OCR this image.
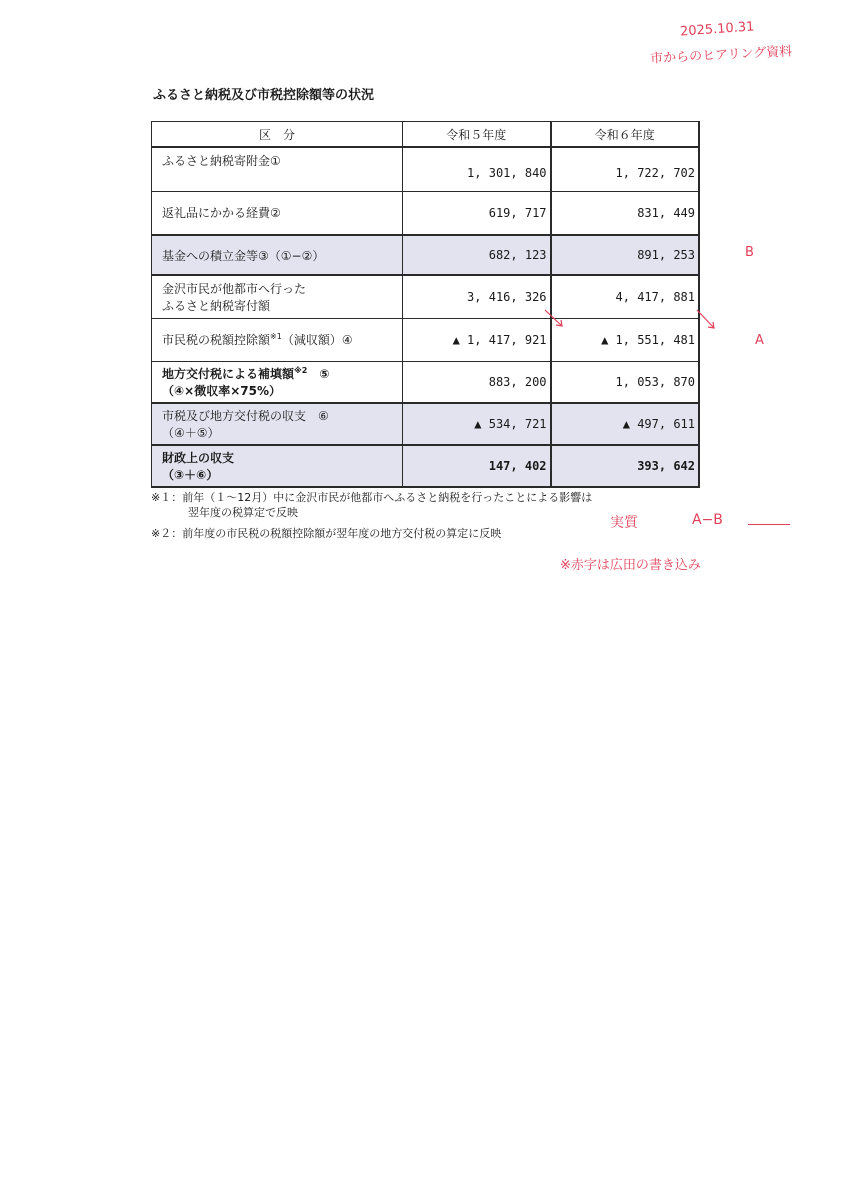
2025.10.31
市からのヒアリング資料
ふるさと納税及び市税控除額等の状況
区　分	令和５年度	令和６年度
ふるさと納税寄附金①	1, 301, 840	1, 722, 702
返礼品にかかる経費②	619, 717	831, 449
基金への積立金等③（①−②）	682, 123	891, 253

金沢市民が他都市へ行った
ふるさと納税寄付額	3, 416, 326	4, 417, 881
市民税の税額控除額$^{※1}$（減収額）④	▲ 1, 417, 921	▲ 1, 551, 481

地方交付税による補填額$^{※2}$　⑤
（④×徴収率×75%）	883, 200	1, 053, 870

市税及び地方交付税の収支　⑥
（④＋⑤）	▲ 534, 721	▲ 497, 611

財政上の収支
（③＋⑥）	147, 402	393, 642
※１：前年（１〜12月）中に金沢市民が他都市へふるさと納税を行ったことによる影響は
翌年度の税算定で反映
※２：前年度の市民税の税額控除額が翌年度の地方交付税の算定に反映
B
A
実質	A−B
※赤字は広田の書き込み
